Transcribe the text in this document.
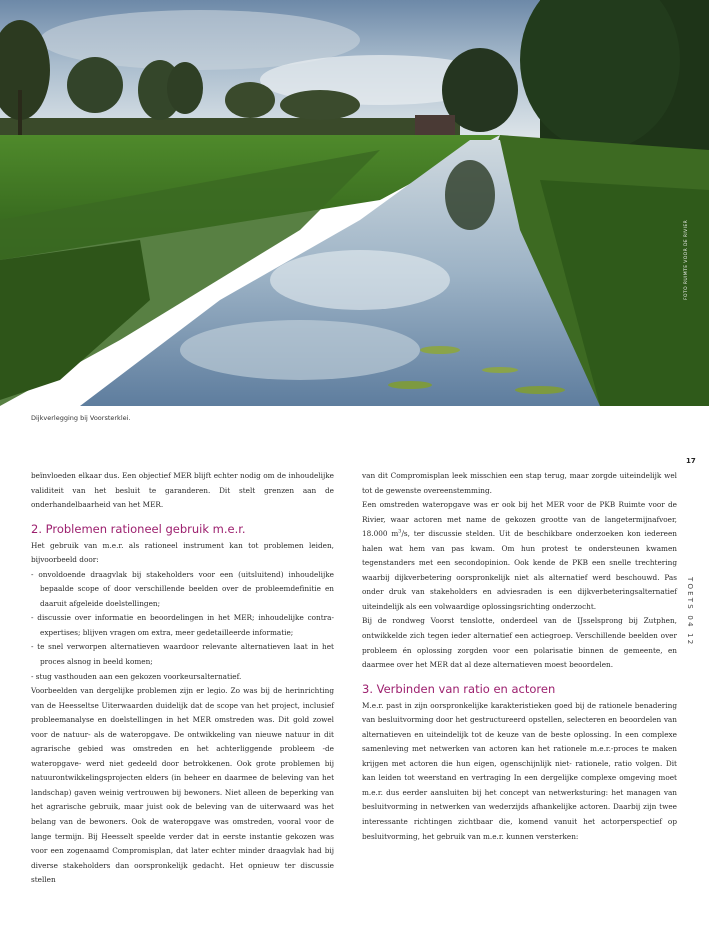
FOTO RUIMTE VOOR DE RIVIER
Dijkverlegging bij Voorsterklei.
17
TOETS 04 12

beïnvloeden elkaar dus. Een objectief MER blijft echter nodig om de inhoudelijke validiteit van het besluit te garanderen. Dit stelt grenzen aan de onderhandelbaarheid van het MER.

2. Problemen rationeel gebruik m.e.r.

Het gebruik van m.e.r. als rationeel instrument kan tot problemen leiden, bijvoorbeeld door:

- onvoldoende draagvlak bij stakeholders voor een (uitsluitend) inhoudelijke bepaalde scope of door verschillende beelden over de probleemdefinitie en daaruit afgeleide doelstellingen;
- discussie over informatie en beoordelingen in het MER; inhoudelijke contra-expertises; blijven vragen om extra, meer gedetailleerde informatie;
- te snel verworpen alternatieven waardoor relevante alternatieven laat in het proces alsnog in beeld komen;
- stug vasthouden aan een gekozen voorkeursalternatief.

Voorbeelden van dergelijke problemen zijn er legio. Zo was bij de herinrichting van de Heesseltse Uiterwaarden duidelijk dat de scope van het project, inclusief probleemanalyse en doelstellingen in het MER omstreden was. Dit gold zowel voor de natuur- als de wateropgave. De ontwikkeling van nieuwe natuur in dit agrarische gebied was omstreden en het achterliggende probleem -de wateropgave- werd niet gedeeld door betrokkenen. Ook grote problemen bij natuurontwikkelingsprojecten elders (in beheer en daarmee de beleving van het landschap) gaven weinig vertrouwen bij bewoners. Niet alleen de beperking van het agrarische gebruik, maar juist ook de beleving van de uiterwaard was het belang van de bewoners. Ook de wateropgave was omstreden, vooral voor de lange termijn. Bij Heesselt speelde verder dat in eerste instantie gekozen was voor een zogenaamd Compromisplan, dat later echter minder draagvlak had bij diverse stakeholders dan oorspronkelijk gedacht. Het opnieuw ter discussie stellen

van dit Compromisplan leek misschien een stap terug, maar zorgde uiteindelijk wel tot de gewenste overeenstemming.

Een omstreden wateropgave was er ook bij het MER voor de PKB Ruimte voor de Rivier, waar actoren met name de gekozen grootte van de langetermijnafvoer, 18.000 $m^3/s$, ter discussie stelden. Uit de beschikbare onderzoeken kon iedereen halen wat hem van pas kwam. Om hun protest te ondersteunen kwamen tegenstanders met een secondopinion. Ook kende de PKB een snelle trechtering waarbij dijkverbetering oorspronkelijk niet als alternatief werd beschouwd. Pas onder druk van stakeholders en adviesraden is een dijkverbeteringsalternatief uiteindelijk als een volwaardige oplossingsrichting onderzocht.

Bij de rondweg Voorst tenslotte, onderdeel van de IJsselsprong bij Zutphen, ontwikkelde zich tegen ieder alternatief een actiegroep. Verschillende beelden over probleem én oplossing zorgden voor een polarisatie binnen de gemeente, en daarmee over het MER dat al deze alternatieven moest beoordelen.

3. Verbinden van ratio en actoren

M.e.r. past in zijn oorspronkelijke karakteristieken goed bij de rationele benadering van besluitvorming door het gestructureerd opstellen, selecteren en beoordelen van alternatieven en uiteindelijk tot de keuze van de beste oplossing. In een complexe samenleving met netwerken van actoren kan het rationele m.e.r.-proces te maken krijgen met actoren die hun eigen, ogenschijnlijk niet- rationele, ratio volgen. Dit kan leiden tot weerstand en vertraging In een dergelijke complexe omgeving moet m.e.r. dus eerder aansluiten bij het concept van netwerksturing: het managen van besluitvorming in netwerken van wederzijds afhankelijke actoren. Daarbij zijn twee interessante richtingen zichtbaar die, komend vanuit het actorperspectief op besluitvorming, het gebruik van m.e.r. kunnen versterken:
